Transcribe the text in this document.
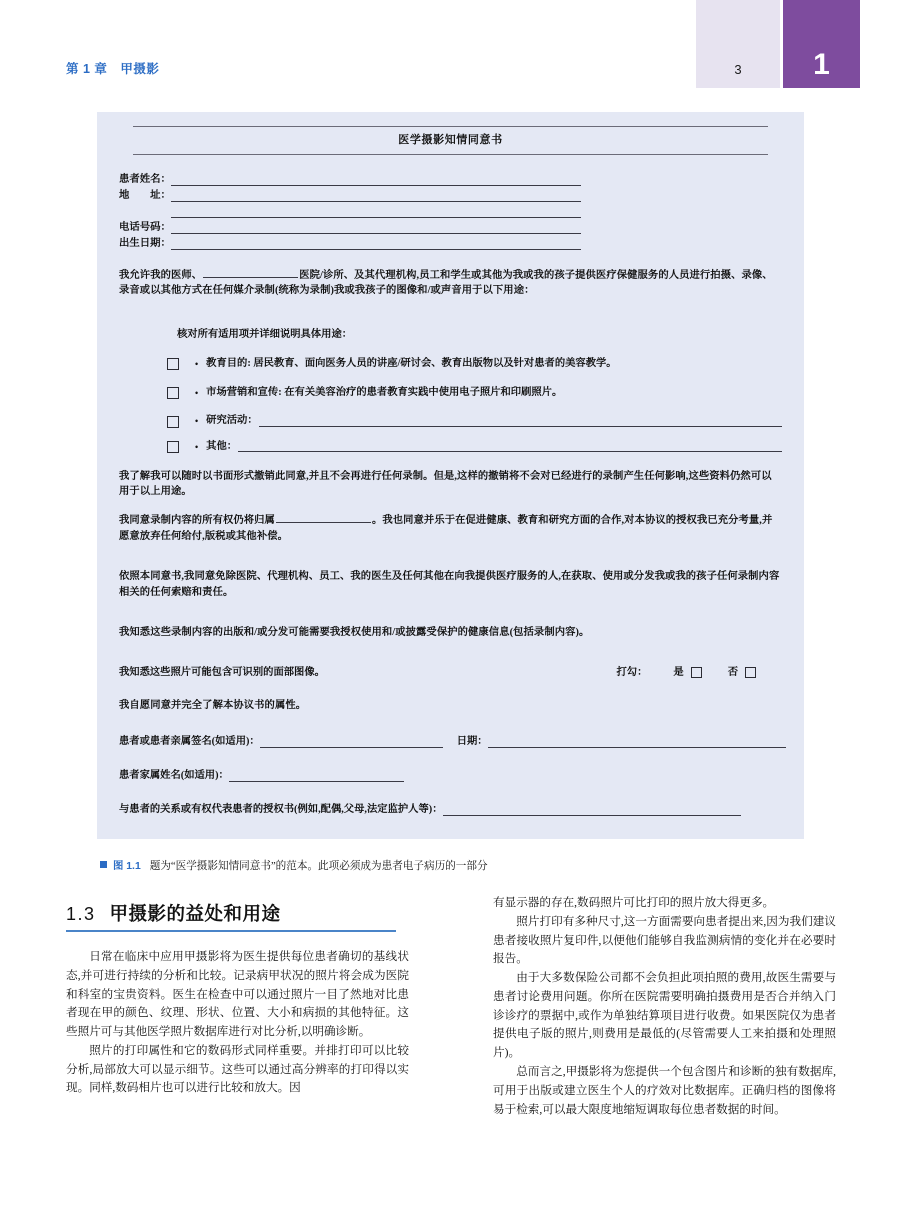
3	1
第 1 章　甲摄影
医学摄影知情同意书
患者姓名：
地　　址：
电话号码：
出生日期：
我允许我的医师、	医院/诊所、及其代理机构,员工和学生或其他为我或我的孩子提供医疗保健服务的人员进行拍摄、录像、录音或以其他方式在任何媒介录制(统称为录制)我或我孩子的图像和/或声音用于以下用途：
核对所有适用项并详细说明具体用途：
• 教育目的: 居民教育、面向医务人员的讲座/研讨会、教育出版物以及针对患者的美容教学。
• 市场营销和宣传: 在有关美容治疗的患者教育实践中使用电子照片和印刷照片。
• 研究活动：
• 其他：
我了解我可以随时以书面形式撤销此同意,并且不会再进行任何录制。但是,这样的撤销将不会对已经进行的录制产生任何影响,这些资料仍然可以用于以上用途。
我同意录制内容的所有权仍将归属	。我也同意并乐于在促进健康、教育和研究方面的合作,对本协议的授权我已充分考量,并愿意放弃任何给付,版税或其他补偿。
依照本同意书,我同意免除医院、代理机构、员工、我的医生及任何其他在向我提供医疗服务的人,在获取、使用或分发我或我的孩子任何录制内容相关的任何索赔和责任。
我知悉这些录制内容的出版和/或分发可能需要我授权使用和/或披露受保护的健康信息(包括录制内容)。
我知悉这些照片可能包含可识别的面部图像。	打勾：	是	否
我自愿同意并完全了解本协议书的属性。
患者或患者亲属签名(如适用)：	日期：
患者家属姓名(如适用)：
与患者的关系或有权代表患者的授权书(例如,配偶,父母,法定监护人等)：
图 1.1 题为“医学摄影知情同意书”的范本。此项必须成为患者电子病历的一部分
1.3 甲摄影的益处和用途

日常在临床中应用甲摄影将为医生提供每位患者确切的基线状态,并可进行持续的分析和比较。记录病甲状况的照片将会成为医院和科室的宝贵资料。医生在检查中可以通过照片一目了然地对比患者现在甲的颜色、纹理、形状、位置、大小和病损的其他特征。这些照片可与其他医学照片数据库进行对比分析,以明确诊断。

照片的打印属性和它的数码形式同样重要。并排打印可以比较分析,局部放大可以显示细节。这些可以通过高分辨率的打印得以实现。同样,数码相片也可以进行比较和放大。因

有显示器的存在,数码照片可比打印的照片放大得更多。

照片打印有多种尺寸,这一方面需要向患者提出来,因为我们建议患者接收照片复印件,以便他们能够自我监测病情的变化并在必要时报告。

由于大多数保险公司都不会负担此项拍照的费用,故医生需要与患者讨论费用问题。你所在医院需要明确拍摄费用是否合并纳入门诊诊疗的票据中,或作为单独结算项目进行收费。如果医院仅为患者提供电子版的照片,则费用是最低的(尽管需要人工来拍摄和处理照片)。

总而言之,甲摄影将为您提供一个包含图片和诊断的独有数据库,可用于出版或建立医生个人的疗效对比数据库。正确归档的图像将易于检索,可以最大限度地缩短调取每位患者数据的时间。
